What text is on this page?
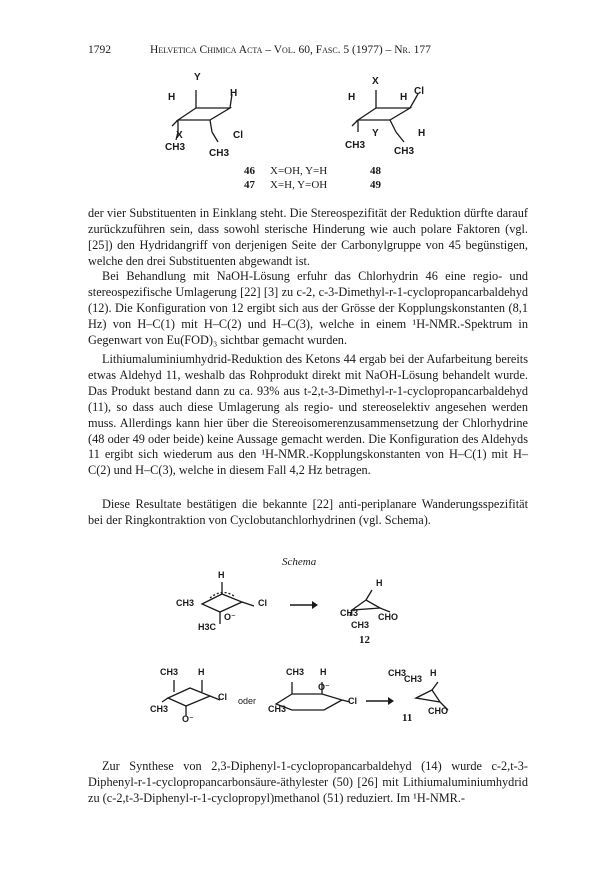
1792	Helvetica Chimica Acta – Vol. 60, Fasc. 5 (1977) – Nr. 177
Y
H	H
X	Cl
CH3
CH3
X
H	H
Cl
Y	H
CH3
CH3
46	X=OH, Y=H	48
47	X=H, Y=OH	49

der vier Substituenten in Einklang steht. Die Stereospezifität der Reduktion dürfte darauf zurückzuführen sein, dass sowohl sterische Hinderung wie auch polare Faktoren (vgl. [25]) den Hydridangriff von derjenigen Seite der Carbonylgruppe von 45 begünstigen, welche den drei Substituenten abgewandt ist.

Bei Behandlung mit NaOH-Lösung erfuhr das Chlorhydrin 46 eine regio- und stereospezifische Umlagerung [22] [3] zu c-2, c-3-Dimethyl-r-1-cyclopropancarbaldehyd (12). Die Konfiguration von 12 ergibt sich aus der Grösse der Kopplungskonstanten (8,1 Hz) von H–C(1) mit H–C(2) und H–C(3), welche in einem ¹H-NMR.-Spektrum in Gegenwart von Eu(FOD)₃ sichtbar gemacht wurden.

Lithiumaluminiumhydrid-Reduktion des Ketons 44 ergab bei der Aufarbeitung bereits etwas Aldehyd 11, weshalb das Rohprodukt direkt mit NaOH-Lösung behandelt wurde. Das Produkt bestand dann zu ca. 93% aus t-2,t-3-Dimethyl-r-1-cyclopropancarbaldehyd (11), so dass auch diese Umlagerung als regio- und stereoselektiv angesehen werden muss. Allerdings kann hier über die Stereoisomerenzusammensetzung der Chlorhydrine (48 oder 49 oder beide) keine Aussage gemacht werden. Die Konfiguration des Aldehyds 11 ergibt sich wiederum aus den ¹H-NMR.-Kopplungskonstanten von H–C(1) mit H–C(2) und H–C(3), welche in diesem Fall 4,2 Hz betragen.

Diese Resultate bestätigen die bekannte [22] anti-periplanare Wanderungsspezifität bei der Ringkontraktion von Cyclobutanchlorhydrinen (vgl. Schema).

Schema
H
CH3
H3C
O⁻
Cl →
H
CH3 CHO
CH3
12
CH3 H
CH3
O⁻
Cl oder
CH3 H
O⁻
CH3
Cl →
CH3
CH3
H
CHO
11

Zur Synthese von 2,3-Diphenyl-1-cyclopropancarbaldehyd (14) wurde c-2,t-3-Diphenyl-r-1-cyclopropancarbonsäure-äthylester (50) [26] mit Lithiumaluminiumhydrid zu (c-2,t-3-Diphenyl-r-1-cyclopropyl)methanol (51) reduziert. Im ¹H-NMR.-
